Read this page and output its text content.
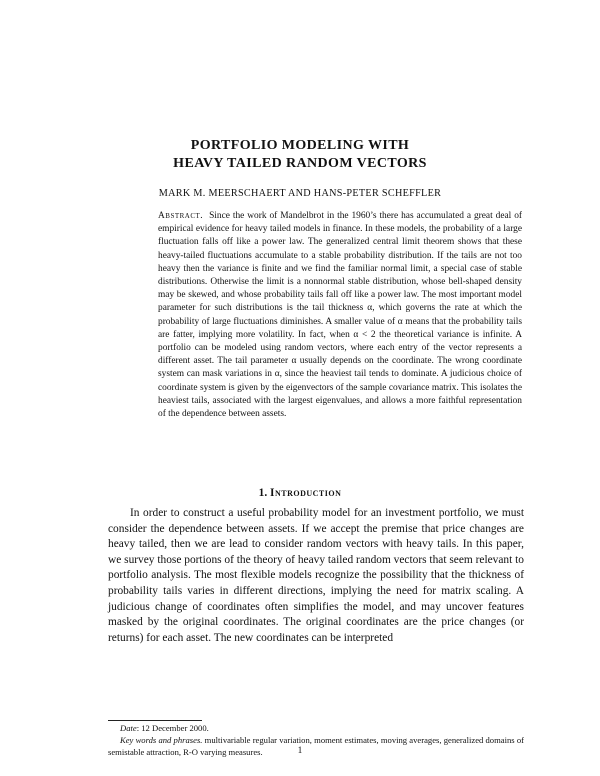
PORTFOLIO MODELING WITH
HEAVY TAILED RANDOM VECTORS

MARK M. MEERSCHAERT AND HANS-PETER SCHEFFLER

Abstract. Since the work of Mandelbrot in the 1960’s there has accumulated a great deal of empirical evidence for heavy tailed models in finance. In these models, the probability of a large fluctuation falls off like a power law. The generalized central limit theorem shows that these heavy-tailed fluctuations accumulate to a stable probability distribution. If the tails are not too heavy then the variance is finite and we find the familiar normal limit, a special case of stable distributions. Otherwise the limit is a nonnormal stable distribution, whose bell-shaped density may be skewed, and whose probability tails fall off like a power law. The most important model parameter for such distributions is the tail thickness α, which governs the rate at which the probability of large fluctuations diminishes. A smaller value of α means that the probability tails are fatter, implying more volatility. In fact, when α < 2 the theoretical variance is infinite. A portfolio can be modeled using random vectors, where each entry of the vector represents a different asset. The tail parameter α usually depends on the coordinate. The wrong coordinate system can mask variations in α, since the heaviest tail tends to dominate. A judicious choice of coordinate system is given by the eigenvectors of the sample covariance matrix. This isolates the heaviest tails, associated with the largest eigenvalues, and allows a more faithful representation of the dependence between assets.

1. Introduction

In order to construct a useful probability model for an investment portfolio, we must consider the dependence between assets. If we accept the premise that price changes are heavy tailed, then we are lead to consider random vectors with heavy tails. In this paper, we survey those portions of the theory of heavy tailed random vectors that seem relevant to portfolio analysis. The most flexible models recognize the possibility that the thickness of probability tails varies in different directions, implying the need for matrix scaling. A judicious change of coordinates often simplifies the model, and may uncover features masked by the original coordinates. The original coordinates are the price changes (or returns) for each asset. The new coordinates can be interpreted

Date: 12 December 2000.

Key words and phrases. multivariable regular variation, moment estimates, moving averages, generalized domains of semistable attraction, R-O varying measures.	1
